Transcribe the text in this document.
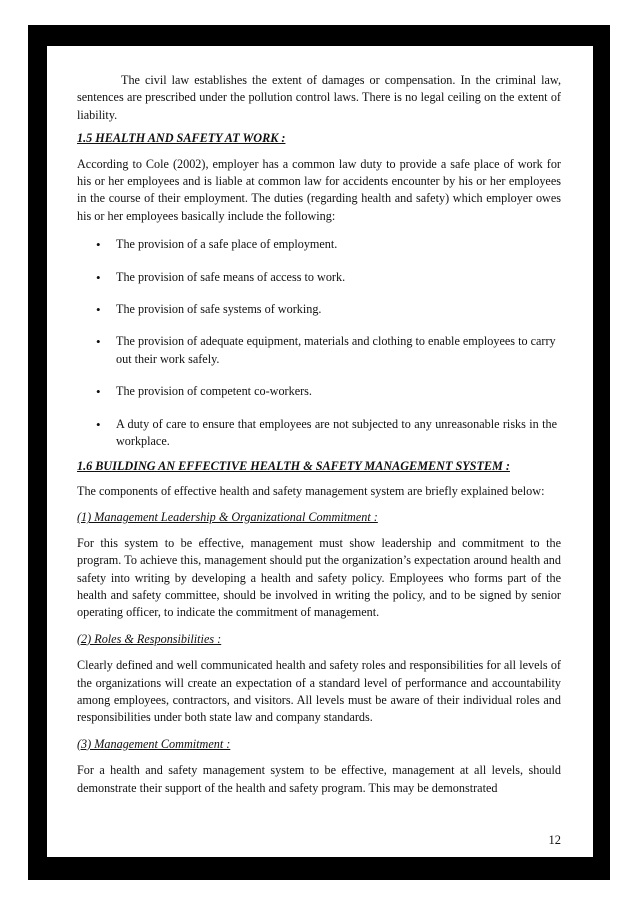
The civil law establishes the extent of damages or compensation. In the criminal law, sentences are prescribed under the pollution control laws. There is no legal ceiling on the extent of liability.

1.5 HEALTH AND SAFETY AT WORK :

According to Cole (2002), employer has a common law duty to provide a safe place of work for his or her employees and is liable at common law for accidents encounter by his or her employees in the course of their employment. The duties (regarding health and safety) which employer owes his or her employees basically include the following:

• The provision of a safe place of employment.
• The provision of safe means of access to work.
• The provision of safe systems of working.
• The provision of adequate equipment, materials and clothing to enable employees to carry out their work safely.
• The provision of competent co-workers.
• A duty of care to ensure that employees are not subjected to any unreasonable risks in the workplace.

1.6 BUILDING AN EFFECTIVE HEALTH & SAFETY MANAGEMENT SYSTEM :

The components of effective health and safety management system are briefly explained below:

(1) Management Leadership & Organizational Commitment :

For this system to be effective, management must show leadership and commitment to the program. To achieve this, management should put the organization’s expectation around health and safety into writing by developing a health and safety policy. Employees who forms part of the health and safety committee, should be involved in writing the policy, and to be signed by senior operating officer, to indicate the commitment of management.

(2) Roles & Responsibilities :

Clearly defined and well communicated health and safety roles and responsibilities for all levels of the organizations will create an expectation of a standard level of performance and accountability among employees, contractors, and visitors. All levels must be aware of their individual roles and responsibilities under both state law and company standards.

(3) Management Commitment :

For a health and safety management system to be effective, management at all levels, should demonstrate their support of the health and safety program. This may be demonstrated

12
